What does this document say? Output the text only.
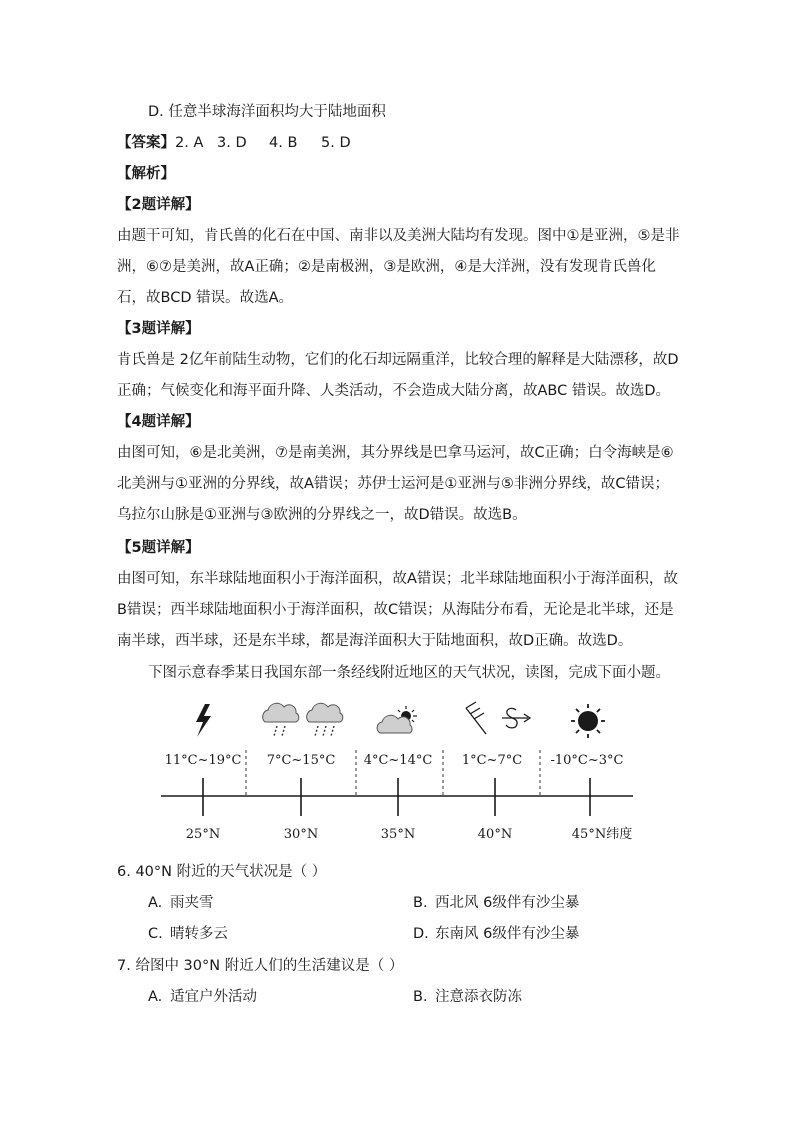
D. 任意半球海洋面积均大于陆地面积
【答案】2. A 3. D 4. B 5. D
【解析】
【2题详解】
由题干可知，肯氏兽的化石在中国、南非以及美洲大陆均有发现。图中①是亚洲，⑤是非
洲，⑥⑦是美洲，故A正确；②是南极洲，③是欧洲，④是大洋洲，没有发现肯氏兽化
石，故BCD 错误。故选A。
【3题详解】
肯氏兽是 2亿年前陆生动物，它们的化石却远隔重洋，比较合理的解释是大陆漂移，故D
正确；气候变化和海平面升降、人类活动，不会造成大陆分离，故ABC 错误。故选D。
【4题详解】
由图可知，⑥是北美洲，⑦是南美洲，其分界线是巴拿马运河，故C正确；白令海峡是⑥
北美洲与①亚洲的分界线，故A错误；苏伊士运河是①亚洲与⑤非洲分界线，故C错误；
乌拉尔山脉是①亚洲与③欧洲的分界线之一，故D错误。故选B。
【5题详解】
由图可知，东半球陆地面积小于海洋面积，故A错误；北半球陆地面积小于海洋面积，故
B错误；西半球陆地面积小于海洋面积，故C错误；从海陆分布看，无论是北半球，还是
南半球，西半球，还是东半球，都是海洋面积大于陆地面积，故D正确。故选D。
下图示意春季某日我国东部一条经线附近地区的天气状况，读图，完成下面小题。
11°C~19°C 7°C~15°C 4°C~14°C 1°C~7°C -10°C~3°C
25°N	30°N	35°N	40°N	45°N纬度
6. 40°N 附近的天气状况是（ ）
A. 雨夹雪	B. 西北风 6级伴有沙尘暴
C. 晴转多云	D. 东南风 6级伴有沙尘暴
7. 给图中 30°N 附近人们的生活建议是（ ）
A. 适宜户外活动	B. 注意添衣防冻
